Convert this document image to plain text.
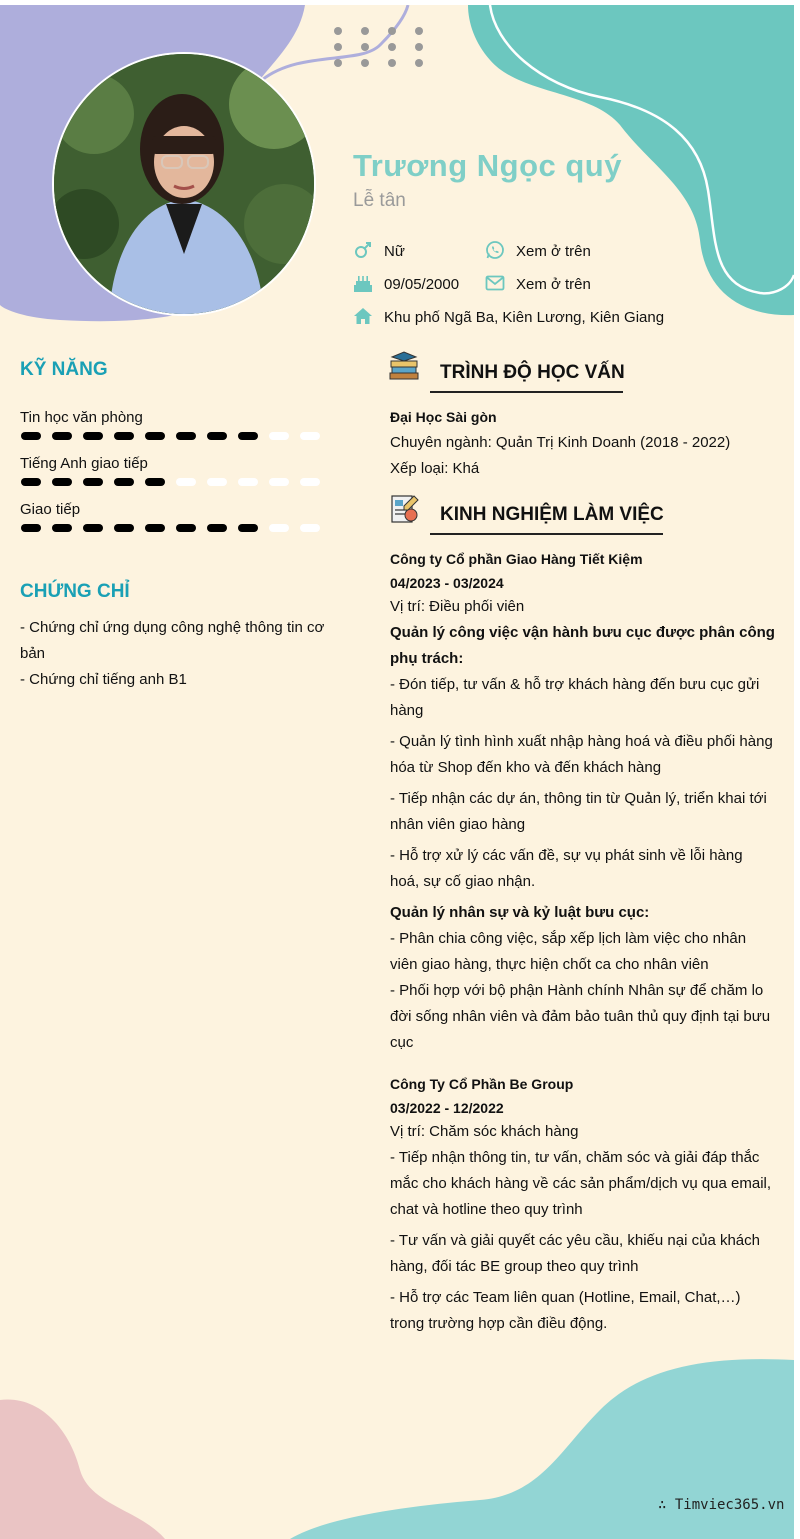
Trương Ngọc quý
Lễ tân
Nữ	Xem ở trên
09/05/2000	Xem ở trên
Khu phố Ngã Ba, Kiên Lương, Kiên Giang
KỸ NĂNG
Tin học văn phòng
Tiếng Anh giao tiếp
Giao tiếp
CHỨNG CHỈ
- Chứng chỉ ứng dụng công nghệ thông tin cơ bản
- Chứng chỉ tiếng anh B1
TRÌNH ĐỘ HỌC VẤN
Đại Học Sài gòn
Chuyên ngành: Quản Trị Kinh Doanh (2018 - 2022)
Xếp loại: Khá
KINH NGHIỆM LÀM VIỆC
Công ty Cổ phần Giao Hàng Tiết Kiệm
04/2023 - 03/2024
Vị trí: Điều phối viên
Quản lý công việc vận hành bưu cục được phân công phụ trách:
- Đón tiếp, tư vấn & hỗ trợ khách hàng đến bưu cục gửi hàng
- Quản lý tình hình xuất nhập hàng hoá và điều phối hàng hóa từ Shop đến kho và đến khách hàng
- Tiếp nhận các dự án, thông tin từ Quản lý, triển khai tới nhân viên giao hàng
- Hỗ trợ xử lý các vấn đề, sự vụ phát sinh về lỗi hàng hoá, sự cố giao nhận.
Quản lý nhân sự và kỷ luật bưu cục:
- Phân chia công việc, sắp xếp lịch làm việc cho nhân viên giao hàng, thực hiện chốt ca cho nhân viên
- Phối hợp với bộ phận Hành chính Nhân sự để chăm lo đời sống nhân viên và đảm bảo tuân thủ quy định tại bưu cục
Công Ty Cổ Phần Be Group
03/2022 - 12/2022
Vị trí: Chăm sóc khách hàng
- Tiếp nhận thông tin, tư vấn, chăm sóc và giải đáp thắc mắc cho khách hàng về các sản phẩm/dịch vụ qua email, chat và hotline theo quy trình
- Tư vấn và giải quyết các yêu cầu, khiếu nại của khách hàng, đối tác BE group theo quy trình
- Hỗ trợ các Team liên quan (Hotline, Email, Chat,…) trong trường hợp cần điều động.
∴ Timviec365.vn
